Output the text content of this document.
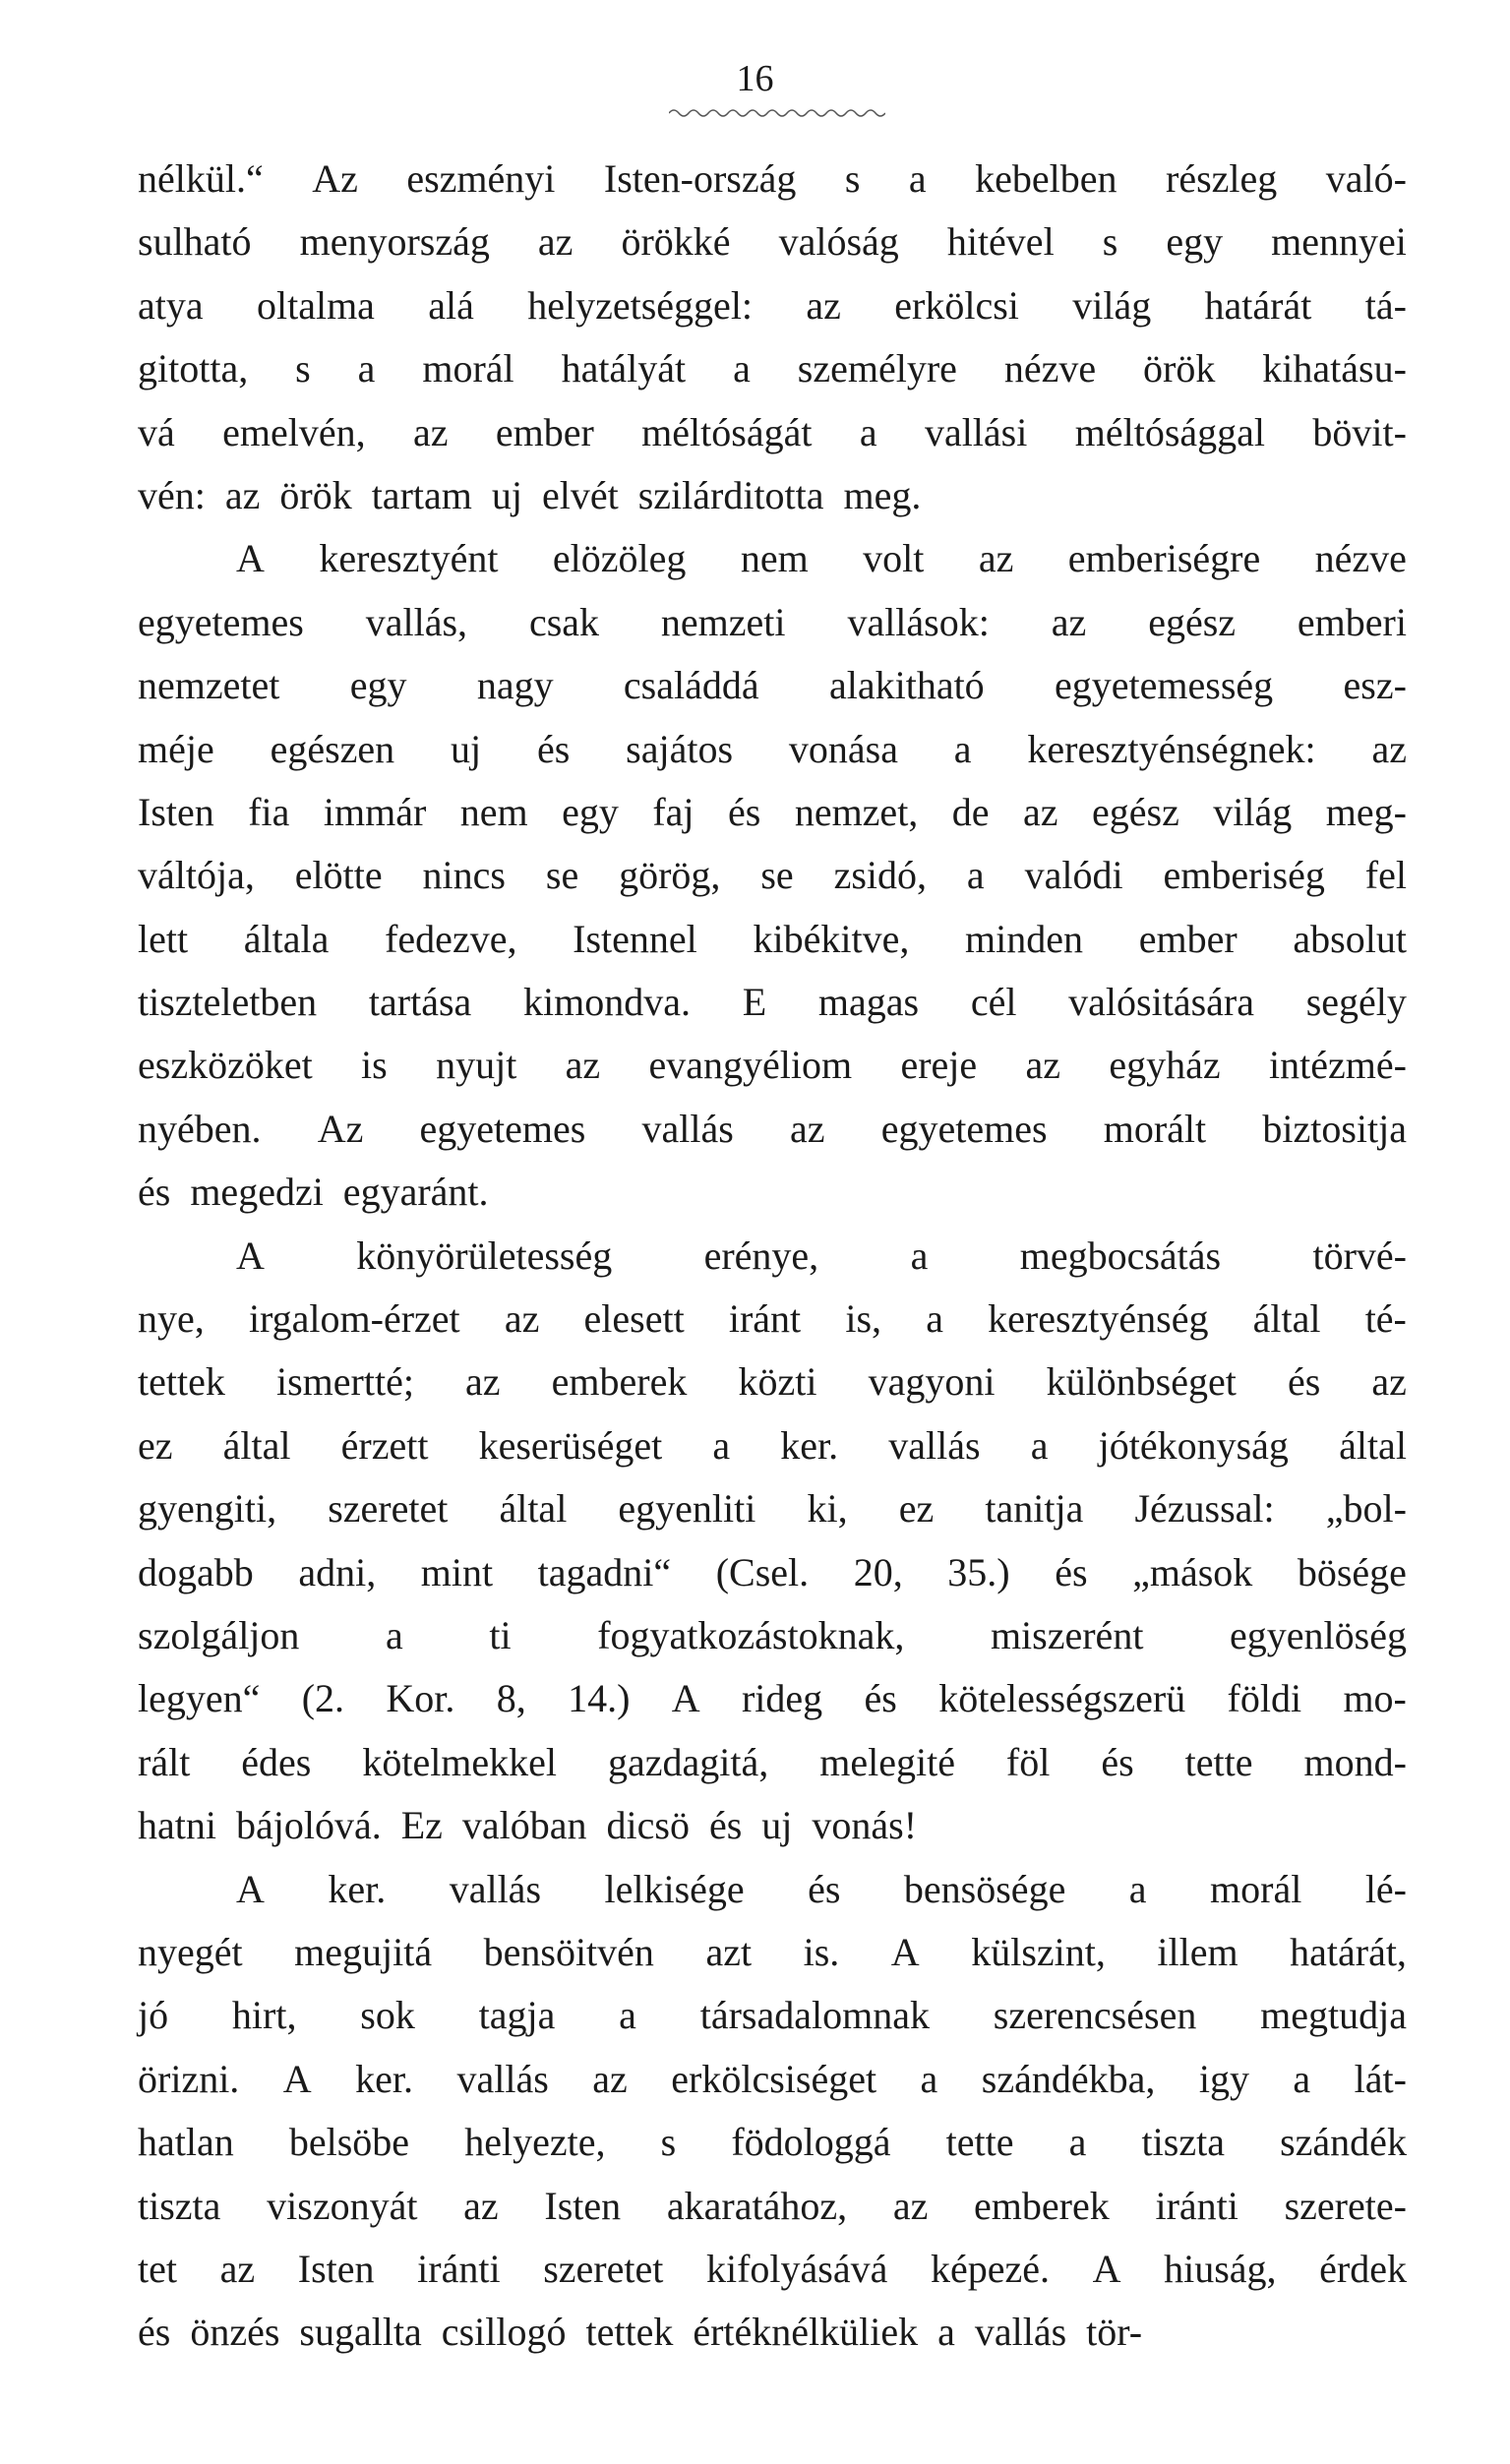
16
nélkül.“ Az eszményi Isten-ország s a kebelben részleg való-
sulható menyország az örökké valóság hitével s egy mennyei
atya oltalma alá helyzetséggel: az erkölcsi világ határát tá-
gitotta, s a morál hatályát a személyre nézve örök kihatásu-
vá emelvén, az ember méltóságát a vallási méltósággal bövit-
vén: az örök tartam uj elvét szilárditotta meg.
A keresztyént elözöleg nem volt az emberiségre nézve
egyetemes vallás, csak nemzeti vallások: az egész emberi
nemzetet egy nagy családdá alakitható egyetemesség esz-
méje egészen uj és sajátos vonása a keresztyénségnek: az
Isten fia immár nem egy faj és nemzet, de az egész világ meg-
váltója, elötte nincs se görög, se zsidó, a valódi emberiség fel
lett általa fedezve, Istennel kibékitve, minden ember absolut
tiszteletben tartása kimondva. E magas cél valósitására segély
eszközöket is nyujt az evangyéliom ereje az egyház intézmé-
nyében. Az egyetemes vallás az egyetemes morált biztositja
és megedzi egyaránt.
A könyörületesség erénye, a megbocsátás törvé-
nye, irgalom-érzet az elesett iránt is, a keresztyénség által té-
tettek ismertté; az emberek közti vagyoni különbséget és az
ez által érzett keserüséget a ker. vallás a jótékonyság által
gyengiti, szeretet által egyenliti ki, ez tanitja Jézussal: „bol-
dogabb adni, mint tagadni“ (Csel. 20, 35.) és „mások bösége
szolgáljon a ti fogyatkozástoknak, miszerént egyenlöség
legyen“ (2. Kor. 8, 14.) A rideg és kötelességszerü földi mo-
rált édes kötelmekkel gazdagitá, melegité föl és tette mond-
hatni bájolóvá. Ez valóban dicsö és uj vonás!
A ker. vallás lelkisége és bensösége a morál lé-
nyegét megujitá bensöitvén azt is. A külszint, illem határát,
jó hirt, sok tagja a társadalomnak szerencsésen megtudja
örizni. A ker. vallás az erkölcsiséget a szándékba, igy a lát-
hatlan belsöbe helyezte, s födologgá tette a tiszta szándék
tiszta viszonyát az Isten akaratához, az emberek iránti szerete-
tet az Isten iránti szeretet kifolyásává képezé. A hiuság, érdek
és önzés sugallta csillogó tettek értéknélküliek a vallás tör-
